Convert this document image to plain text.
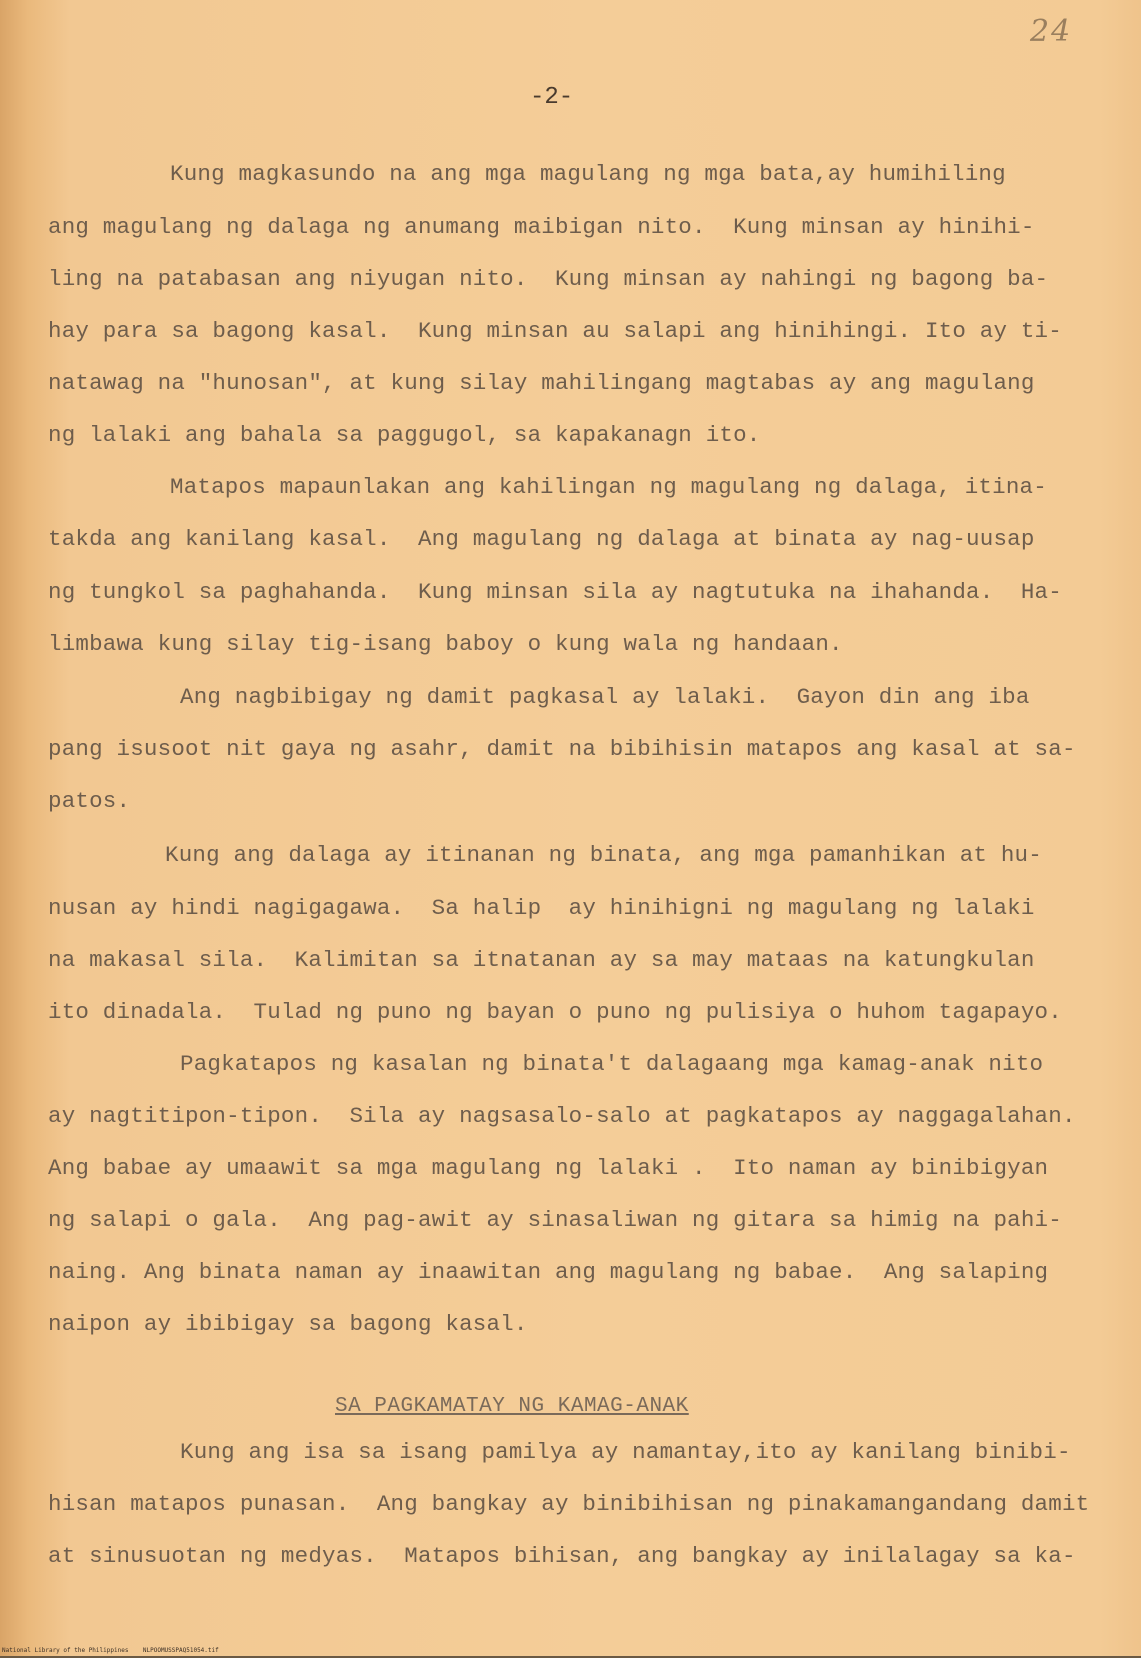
24
-2-
Kung magkasundo na ang mga magulang ng mga bata,ay humihiling
ang magulang ng dalaga ng anumang maibigan nito.  Kung minsan ay hinihi-
ling na patabasan ang niyugan nito.  Kung minsan ay nahingi ng bagong ba-
hay para sa bagong kasal.  Kung minsan au salapi ang hinihingi. Ito ay ti-
natawag na "hunosan", at kung silay mahilingang magtabas ay ang magulang
ng lalaki ang bahala sa paggugol, sa kapakanagn ito.
Matapos mapaunlakan ang kahilingan ng magulang ng dalaga, itina-
takda ang kanilang kasal.  Ang magulang ng dalaga at binata ay nag-uusap
ng tungkol sa paghahanda.  Kung minsan sila ay nagtutuka na ihahanda.  Ha-
limbawa kung silay tig-isang baboy o kung wala ng handaan.
Ang nagbibigay ng damit pagkasal ay lalaki.  Gayon din ang iba
pang isusoot nit gaya ng asahr, damit na bibihisin matapos ang kasal at sa-
patos.
Kung ang dalaga ay itinanan ng binata, ang mga pamanhikan at hu-
nusan ay hindi nagigagawa.  Sa halip  ay hinihigni ng magulang ng lalaki
na makasal sila.  Kalimitan sa itnatanan ay sa may mataas na katungkulan
ito dinadala.  Tulad ng puno ng bayan o puno ng pulisiya o huhom tagapayo.
Pagkatapos ng kasalan ng binata't dalagaang mga kamag-anak nito
ay nagtitipon-tipon.  Sila ay nagsasalo-salo at pagkatapos ay naggagalahan.
Ang babae ay umaawit sa mga magulang ng lalaki .  Ito naman ay binibigyan
ng salapi o gala.  Ang pag-awit ay sinasaliwan ng gitara sa himig na pahi-
naing. Ang binata naman ay inaawitan ang magulang ng babae.  Ang salaping
naipon ay ibibigay sa bagong kasal.
SA PAGKAMATAY NG KAMAG-ANAK
Kung ang isa sa isang pamilya ay namantay,ito ay kanilang binibi-
hisan matapos punasan.  Ang bangkay ay binibihisan ng pinakamangandang damit
at sinusuotan ng medyas.  Matapos bihisan, ang bangkay ay inilalagay sa ka-
National Library of the Philippines    NLPOOMUSSPAQ51054.tif
